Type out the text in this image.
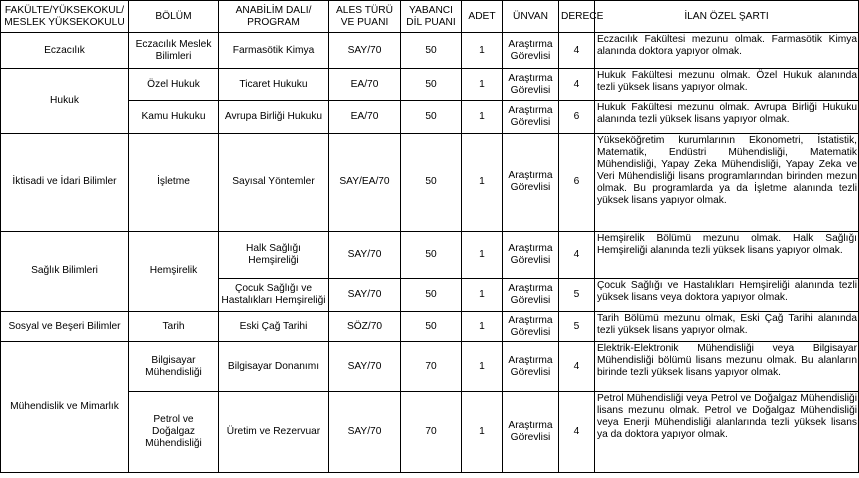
FAKÜLTE/YÜKSEKOKUL/ MESLEK YÜKSEKOKULU	BÖLÜM	ANABİLİM DALI/ PROGRAM	ALES TÜRÜ VE PUANI	YABANCI DİL PUANI	ADET	ÜNVAN	DERECE	İLAN ÖZEL ŞARTI
Eczacılık	Eczacılık Meslek Bilimleri	Farmasötik Kimya	SAY/70	50	1	Araştırma Görevlisi	4	Eczacılık Fakültesi mezunu olmak. Farmasötik Kimya alanında doktora yapıyor olmak.
Hukuk	Özel Hukuk	Ticaret Hukuku	EA/70	50	1	Araştırma Görevlisi	4	Hukuk Fakültesi mezunu olmak. Özel Hukuk alanında tezli yüksek lisans yapıyor olmak.
	Kamu Hukuku	Avrupa Birliği Hukuku	EA/70	50	1	Araştırma Görevlisi	6	Hukuk Fakültesi mezunu olmak. Avrupa Birliği Hukuku alanında tezli yüksek lisans yapıyor olmak.
İktisadi ve İdari Bilimler	İşletme	Sayısal Yöntemler	SAY/EA/70	50	1	Araştırma Görevlisi	6	Yükseköğretim kurumlarının Ekonometri, İstatistik, Matematik, Endüstri Mühendisliği, Matematik Mühendisliği, Yapay Zeka Mühendisliği, Yapay Zeka ve Veri Mühendisliği lisans programlarından birinden mezun olmak. Bu programlarda ya da İşletme alanında tezli yüksek lisans yapıyor olmak.
Sağlık Bilimleri	Hemşirelik	Halk Sağlığı Hemşireliği	SAY/70	50	1	Araştırma Görevlisi	4	Hemşirelik Bölümü mezunu olmak. Halk Sağlığı Hemşireliği alanında tezli yüksek lisans yapıyor olmak.
		Çocuk Sağlığı ve Hastalıkları Hemşireliği	SAY/70	50	1	Araştırma Görevlisi	5	Çocuk Sağlığı ve Hastalıkları Hemşireliği alanında tezli yüksek lisans veya doktora yapıyor olmak.
Sosyal ve Beşeri Bilimler	Tarih	Eski Çağ Tarihi	SÖZ/70	50	1	Araştırma Görevlisi	5	Tarih Bölümü mezunu olmak, Eski Çağ Tarihi alanında tezli yüksek lisans yapıyor olmak.
Mühendislik ve Mimarlık	Bilgisayar Mühendisliği	Bilgisayar Donanımı	SAY/70	70	1	Araştırma Görevlisi	4	Elektrik-Elektronik Mühendisliği veya Bilgisayar Mühendisliği bölümü lisans mezunu olmak. Bu alanların birinde tezli yüksek lisans yapıyor olmak.
	Petrol ve Doğalgaz Mühendisliği	Üretim ve Rezervuar	SAY/70	70	1	Araştırma Görevlisi	4	Petrol Mühendisliği veya Petrol ve Doğalgaz Mühendisliği lisans mezunu olmak. Petrol ve Doğalgaz Mühendisliği veya Enerji Mühendisliği alanlarında tezli yüksek lisans ya da doktora yapıyor olmak.
